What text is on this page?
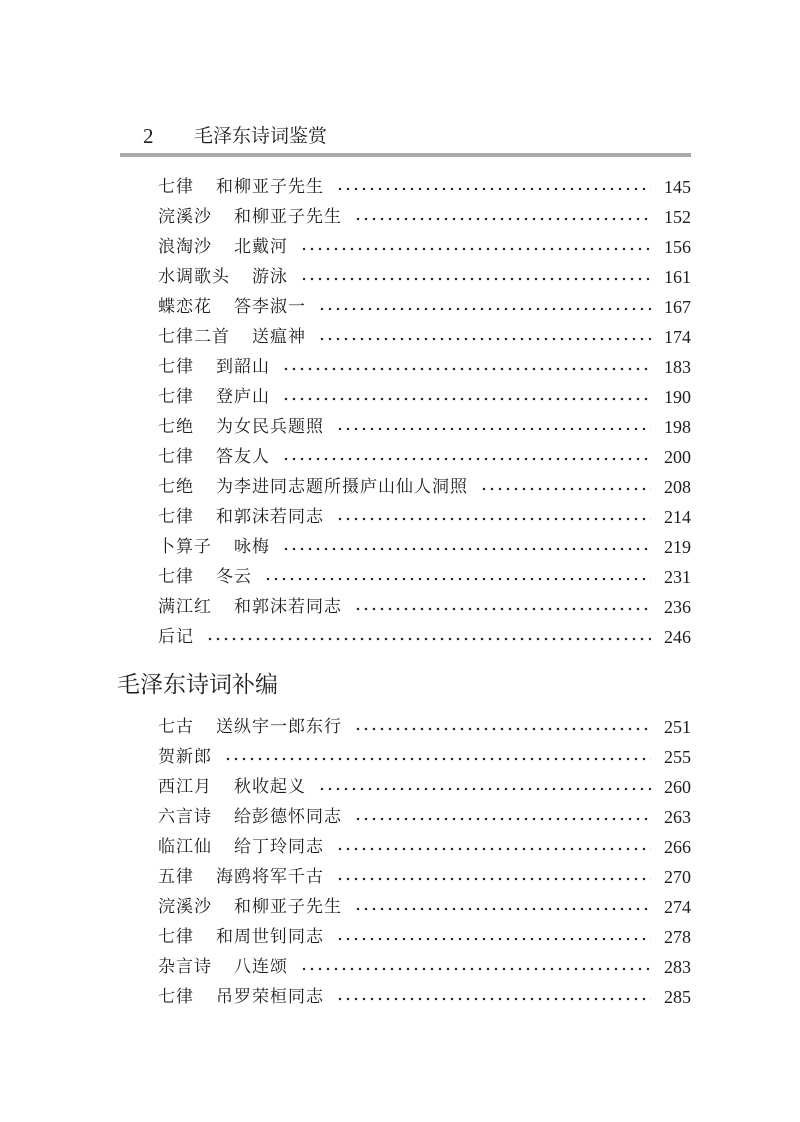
2 毛泽东诗词鉴赏
七律 和柳亚子先生	145
浣溪沙 和柳亚子先生	152
浪淘沙 北戴河	156
水调歌头 游泳	161
蝶恋花 答李淑一	167
七律二首 送瘟神	174
七律 到韶山	183
七律 登庐山	190
七绝 为女民兵题照	198
七律 答友人	200
七绝 为李进同志题所摄庐山仙人洞照	208
七律 和郭沫若同志	214
卜算子 咏梅	219
七律 冬云	231
满江红 和郭沫若同志	236
后记	246
毛泽东诗词补编
七古 送纵宇一郎东行	251
贺新郎	255
西江月 秋收起义	260
六言诗 给彭德怀同志	263
临江仙 给丁玲同志	266
五律 海鸥将军千古	270
浣溪沙 和柳亚子先生	274
七律 和周世钊同志	278
杂言诗 八连颂	283
七律 吊罗荣桓同志	285
